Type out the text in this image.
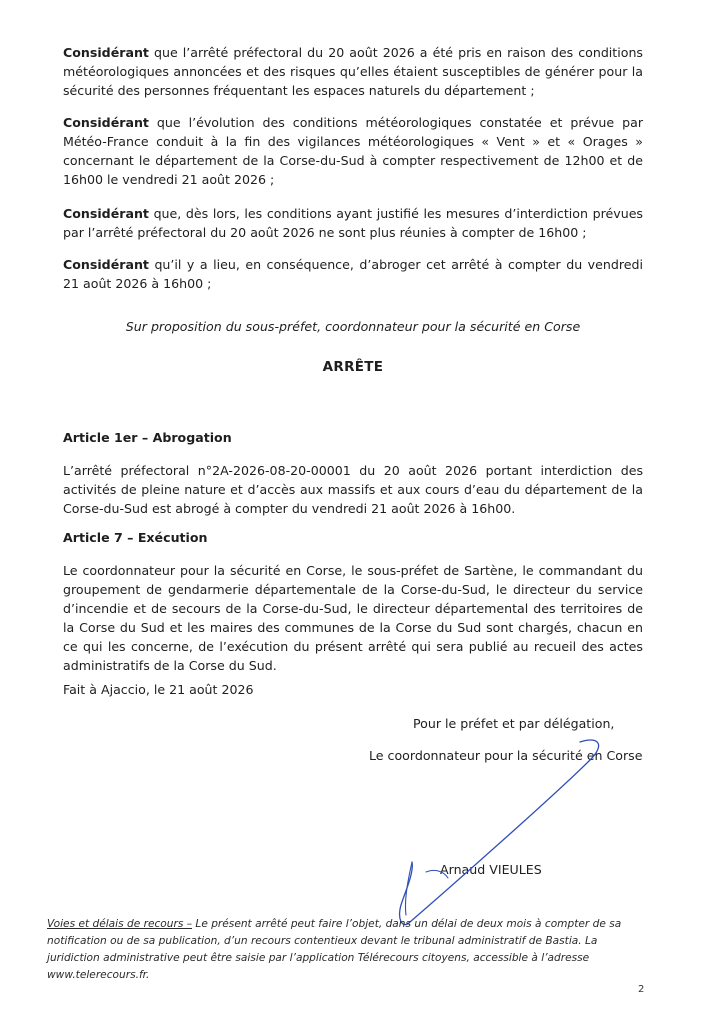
Considérant que l’arrêté préfectoral du 20 août 2026 a été pris en raison des conditions météorologiques annoncées et des risques qu’elles étaient susceptibles de générer pour la sécurité des personnes fréquentant les espaces naturels du département ;

Considérant que l’évolution des conditions météorologiques constatée et prévue par Météo-France conduit à la fin des vigilances météorologiques « Vent » et « Orages » concernant le département de la Corse-du-Sud à compter respectivement de 12h00 et de 16h00 le vendredi 21 août 2026 ;

Considérant que, dès lors, les conditions ayant justifié les mesures d’interdiction prévues par l’arrêté préfectoral du 20 août 2026 ne sont plus réunies à compter de 16h00 ;

Considérant qu’il y a lieu, en conséquence, d’abroger cet arrêté à compter du vendredi 21 août 2026 à 16h00 ;

Sur proposition du sous-préfet, coordonnateur pour la sécurité en Corse

ARRÊTE

Article 1er – Abrogation

L’arrêté préfectoral n°2A-2026-08-20-00001 du 20 août 2026 portant interdiction des activités de pleine nature et d’accès aux massifs et aux cours d’eau du département de la Corse-du-Sud est abrogé à compter du vendredi 21 août 2026 à 16h00.

Article 7 – Exécution

Le coordonnateur pour la sécurité en Corse, le sous-préfet de Sartène, le commandant du groupement de gendarmerie départementale de la Corse-du-Sud, le directeur du service d’incendie et de secours de la Corse-du-Sud, le directeur départemental des territoires de la Corse du Sud et les maires des communes de la Corse du Sud sont chargés, chacun en ce qui les concerne, de l’exécution du présent arrêté qui sera publié au recueil des actes administratifs de la Corse du Sud.

Fait à Ajaccio, le 21 août 2026

Pour le préfet et par délégation,

Le coordonnateur pour la sécurité en Corse

Arnaud VIEULES

Voies et délais de recours – Le présent arrêté peut faire l’objet, dans un délai de deux mois à compter de sa notification ou de sa publication, d’un recours contentieux devant le tribunal administratif de Bastia. La juridiction administrative peut être saisie par l’application Télérecours citoyens, accessible à l’adresse www.telerecours.fr.

2
